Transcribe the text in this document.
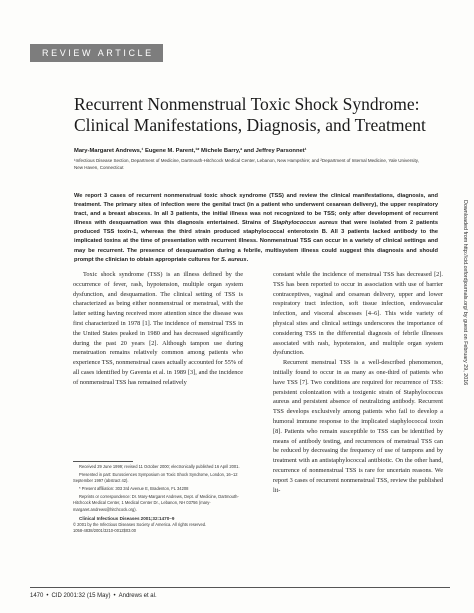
REVIEW ARTICLE
Recurrent Nonmenstrual Toxic Shock Syndrome:
Clinical Manifestations, Diagnosis, and Treatment
Mary-Margaret Andrews,¹ Eugene M. Parent,¹* Michele Barry,² and Jeffrey Parsonnet¹
¹Infectious Disease Section, Department of Medicine, Dartmouth-Hitchcock Medical Center, Lebanon, New Hampshire; and ²Department of Internal Medicine, Yale University, New Haven, Connecticut

We report 3 cases of recurrent nonmenstrual toxic shock syndrome (TSS) and review the clinical manifestations, diagnosis, and treatment. The primary sites of infection were the genital tract (in a patient who underwent cesarean delivery), the upper respiratory tract, and a breast abscess. In all 3 patients, the initial illness was not recognized to be TSS; only after development of recurrent illness with desquamation was this diagnosis entertained. Strains of Staphylococcus aureus that were isolated from 2 patients produced TSS toxin-1, whereas the third strain produced staphylococcal enterotoxin B. All 3 patients lacked antibody to the implicated toxins at the time of presentation with recurrent illness. Nonmenstrual TSS can occur in a variety of clinical settings and may be recurrent. The presence of desquamation during a febrile, multisystem illness could suggest this diagnosis and should prompt the clinician to obtain appropriate cultures for S. aureus.

Toxic shock syndrome (TSS) is an illness defined by the occurrence of fever, rash, hypotension, multiple organ system dysfunction, and desquamation. The clinical setting of TSS is characterized as being either nonmenstrual or menstrual, with the latter setting having received more attention since the disease was first characterized in 1978 [1]. The incidence of menstrual TSS in the United States peaked in 1980 and has decreased significantly during the past 20 years [2]. Although tampon use during menstruation remains relatively common among patients who experience TSS, nonmenstrual cases actually accounted for 55% of all cases identified by Gaventa et al. in 1989 [3], and the incidence of nonmenstrual TSS has remained relatively

constant while the incidence of menstrual TSS has decreased [2]. TSS has been reported to occur in association with use of barrier contraceptives, vaginal and cesarean delivery, upper and lower respiratory tract infection, soft tissue infection, endovascular infection, and visceral abscesses [4–6]. This wide variety of physical sites and clinical settings underscores the importance of considering TSS in the differential diagnosis of febrile illnesses associated with rash, hypotension, and multiple organ system dysfunction.

Recurrent menstrual TSS is a well-described phenomenon, initially found to occur in as many as one-third of patients who have TSS [7]. Two conditions are required for recurrence of TSS: persistent colonization with a toxigenic strain of Staphylococcus aureus and persistent absence of neutralizing antibody. Recurrent TSS develops exclusively among patients who fail to develop a humoral immune response to the implicated staphylococcal toxin [8]. Patients who remain susceptible to TSS can be identified by means of antibody testing, and recurrences of menstrual TSS can be reduced by decreasing the frequency of use of tampons and by treatment with an antistaphylococcal antibiotic. On the other hand, recurrence of nonmenstrual TSS is rare for uncertain reasons. We report 3 cases of recurrent nonmenstrual TSS, review the published lit-

Received 29 June 1999; revised 11 October 2000; electronically published 16 April 2001.

Presented in part: Eurosciences Symposium on Toxic Shock Syndrome, London, 16–12 September 1997 (abstract 42).

* Present affiliation: 303 3rd Avenue E, Bradenton, FL 34208

Reprints or correspondence: Dr. Mary-Margaret Andrews, Dept. of Medicine, Dartmouth-Hitchcock Medical Center, 1 Medical Center Dr., Lebanon, NH 03756 (mary-margaret.andrews@hitchcock.org).

Clinical Infectious Diseases 2001;32:1470–9
© 2001 by the Infectious Diseases Society of America. All rights reserved.
1058-4838/2001/3210-0012$03.00

1470 • CID 2001:32 (15 May) • Andrews et al.
Downloaded from http://cid.oxfordjournals.org/ by guest on February 29, 2016
